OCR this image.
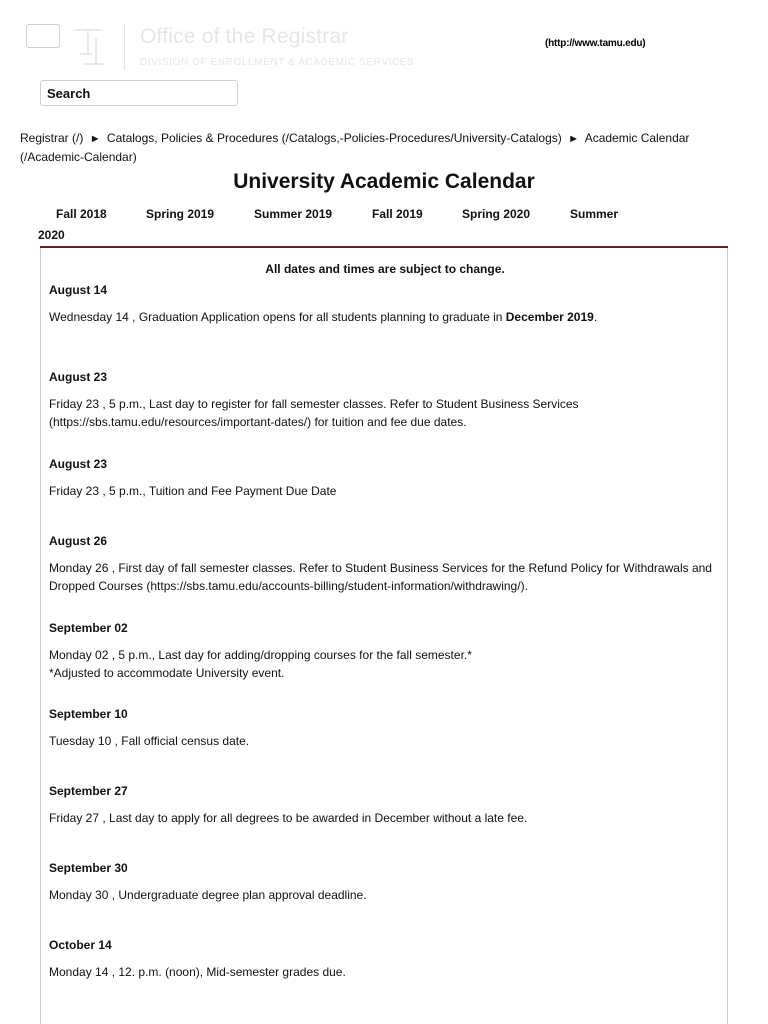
Office of the Registrar
DIVISION OF ENROLLMENT & ACADEMIC SERVICES
(http://www.tamu.edu)
Search
Registrar (/) ► Catalogs, Policies & Procedures (/Catalogs,-Policies-Procedures/University-Catalogs) ► Academic Calendar (/Academic-Calendar)
University Academic Calendar
Fall 2018	Spring 2019	Summer 2019	Fall 2019	Spring 2020	Summer
2020
All dates and times are subject to change.
August 14
Wednesday 14 , Graduation Application opens for all students planning to graduate in December 2019.
August 23
Friday 23 , 5 p.m., Last day to register for fall semester classes. Refer to Student Business Services (https://sbs.tamu.edu/resources/important-dates/) for tuition and fee due dates.
August 23
Friday 23 , 5 p.m., Tuition and Fee Payment Due Date
August 26
Monday 26 , First day of fall semester classes. Refer to Student Business Services for the Refund Policy for Withdrawals and Dropped Courses (https://sbs.tamu.edu/accounts-billing/student-information/withdrawing/).
September 02
Monday 02 , 5 p.m., Last day for adding/dropping courses for the fall semester.*
*Adjusted to accommodate University event.
September 10
Tuesday 10 , Fall official census date.
September 27
Friday 27 , Last day to apply for all degrees to be awarded in December without a late fee.
September 30
Monday 30 , Undergraduate degree plan approval deadline.
October 14
Monday 14 , 12. p.m. (noon), Mid-semester grades due.
